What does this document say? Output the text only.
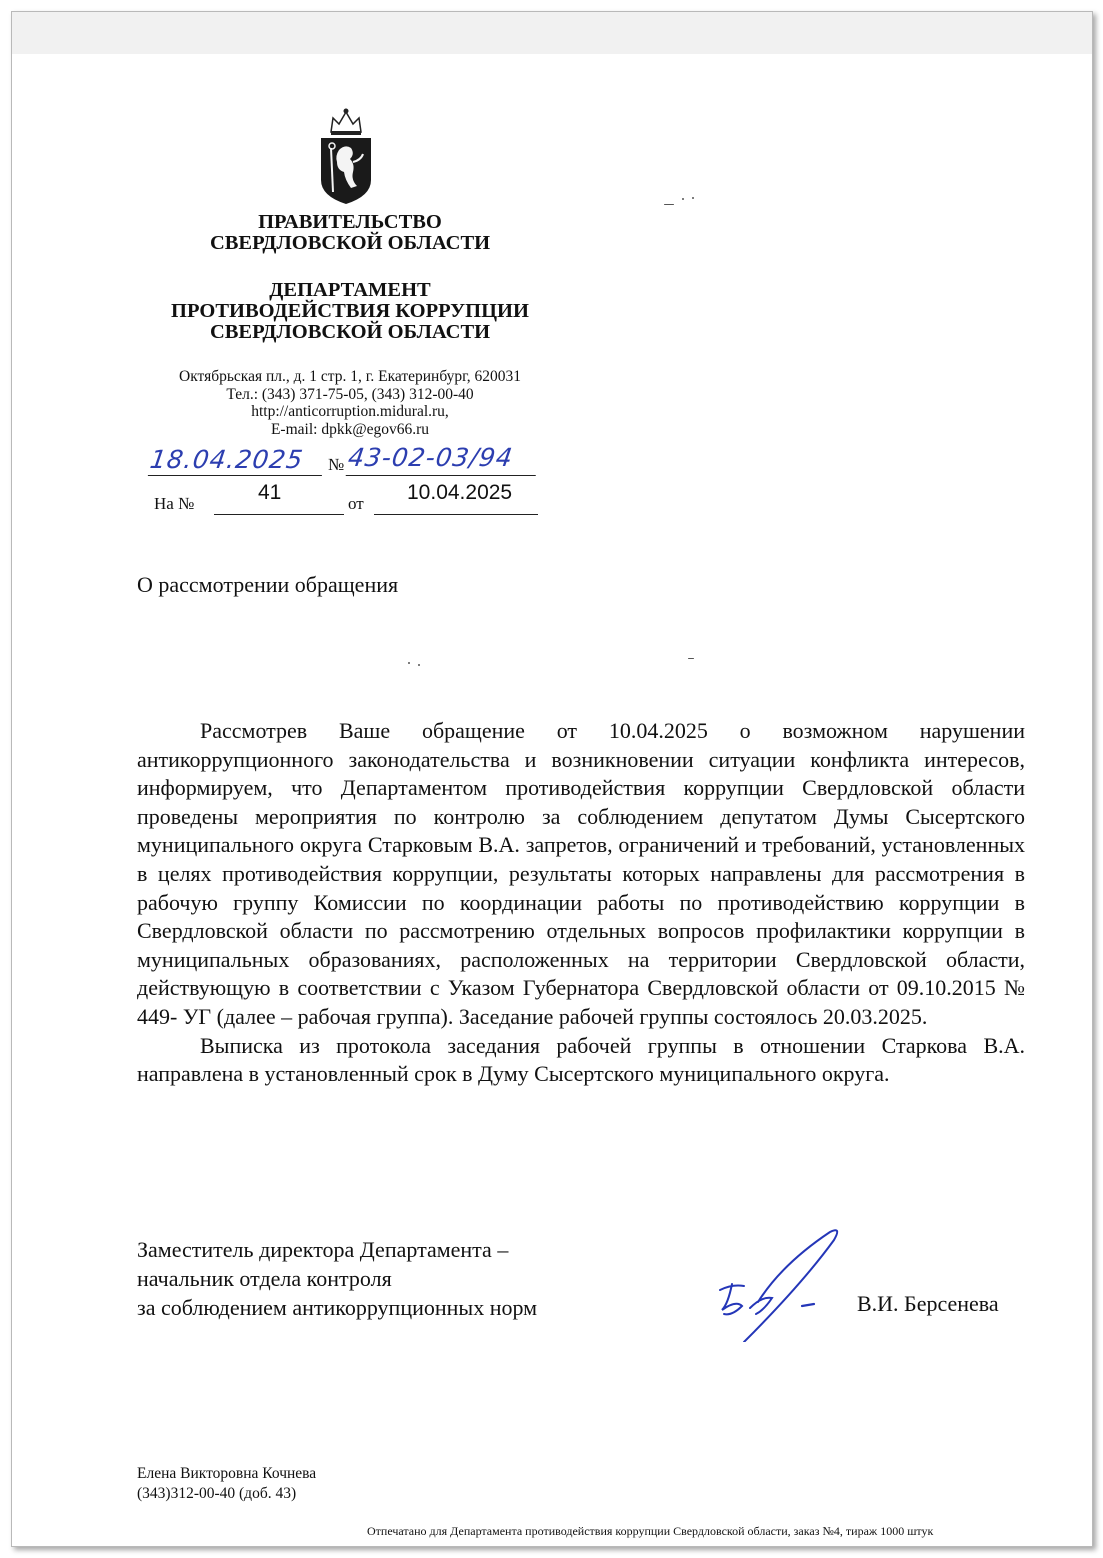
ПРАВИТЕЛЬСТВО
СВЕРДЛОВСКОЙ ОБЛАСТИ
ДЕПАРТАМЕНТ
ПРОТИВОДЕЙСТВИЯ КОРРУПЦИИ
СВЕРДЛОВСКОЙ ОБЛАСТИ
Октябрьская пл., д. 1 стр. 1, г. Екатеринбург, 620031
Тел.: (343) 371-75-05, (343) 312-00-40
http://anticorruption.midural.ru,
E-mail: dpkk@egov66.ru
18.04.2025	№ 43-02-03/94
На №	41	от 10.04.2025
О рассмотрении обращения

Рассмотрев Ваше обращение от 10.04.2025 о возможном нарушении антикоррупционного законодательства и возникновении ситуации конфликта интересов, информируем, что Департаментом противодействия коррупции Свердловской области проведены мероприятия по контролю за соблюдением депутатом Думы Сысертского муниципального округа Старковым В.А. запретов, ограничений и требований, установленных в целях противодействия коррупции, результаты которых направлены для рассмотрения в рабочую группу Комиссии по координации работы по противодействию коррупции в Свердловской области по рассмотрению отдельных вопросов профилактики коррупции в муниципальных образованиях, расположенных на территории Свердловской области, действующую в соответствии с Указом Губернатора Свердловской области от 09.10.2015 № 449- УГ (далее – рабочая группа). Заседание рабочей группы состоялось 20.03.2025.

Выписка из протокола заседания рабочей группы в отношении Старкова В.А. направлена в установленный срок в Думу Сысертского муниципального округа.

Заместитель директора Департамента –
начальник отдела контроля
за соблюдением антикоррупционных норм	В.И. Берсенева
Елена Викторовна Кочнева
(343)312-00-40 (доб. 43)
Отпечатано для Департамента противодействия коррупции Свердловской области, заказ №4, тираж 1000 штук
